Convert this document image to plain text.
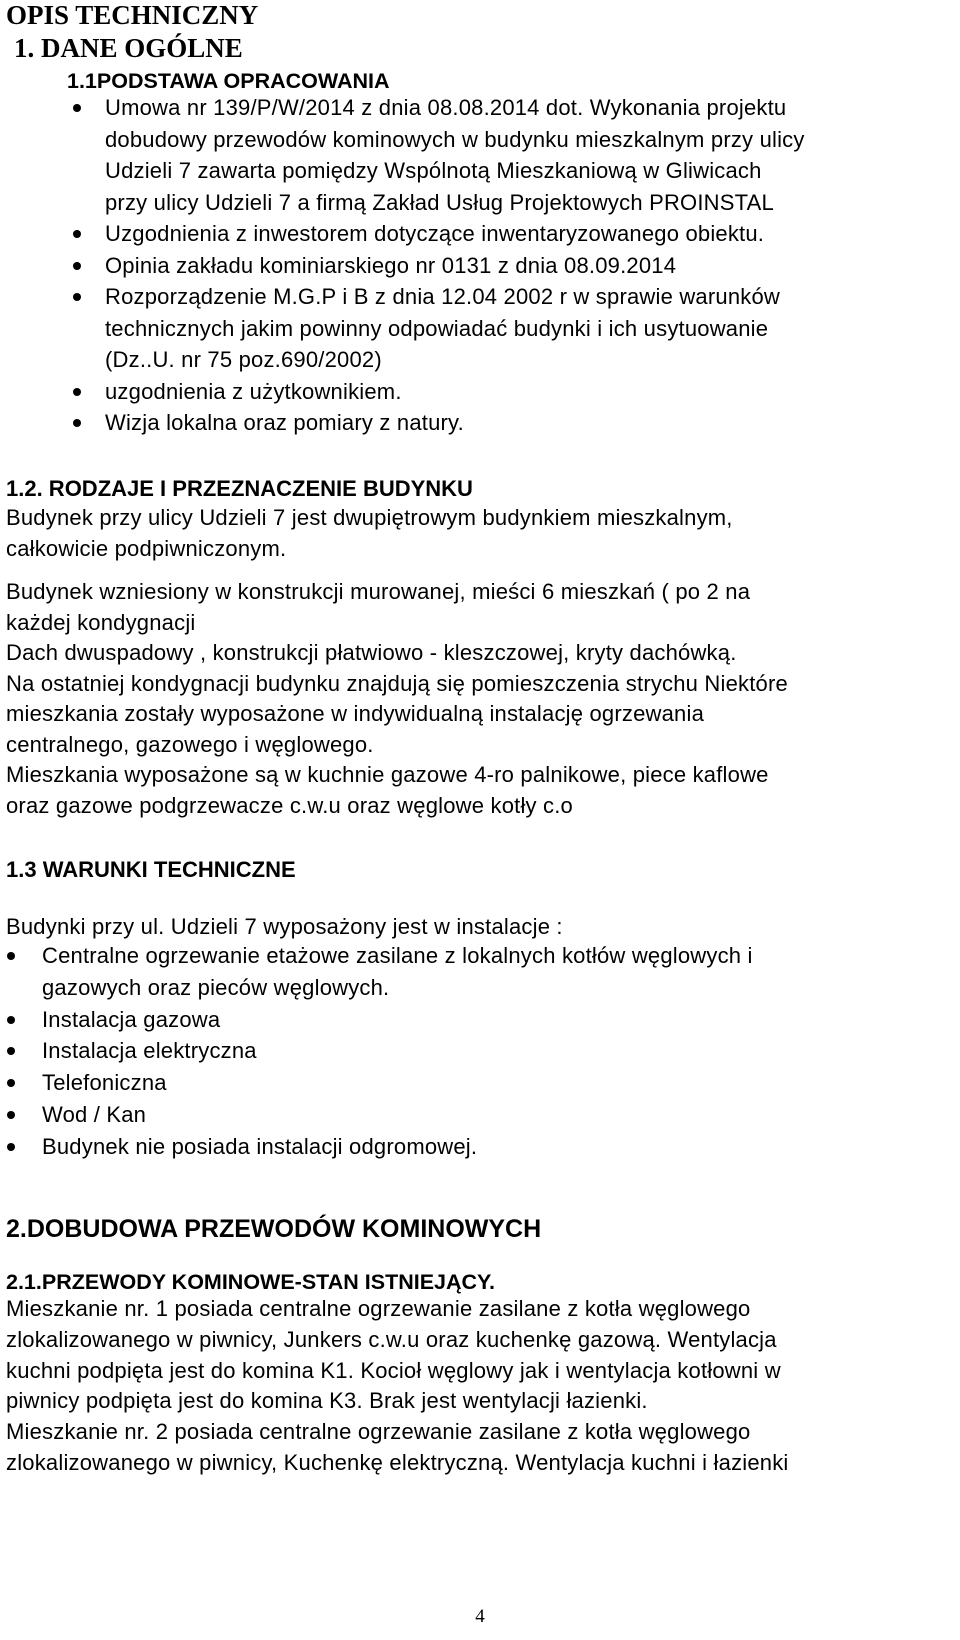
OPIS TECHNICZNY
1. DANE OGÓLNE
1.1PODSTAWA OPRACOWANIA
Umowa nr 139/P/W/2014 z dnia 08.08.2014 dot. Wykonania projektu
dobudowy przewodów kominowych w budynku mieszkalnym przy ulicy
Udzieli 7 zawarta pomiędzy Wspólnotą Mieszkaniową w Gliwicach
przy ulicy Udzieli 7 a firmą Zakład Usług Projektowych PROINSTAL
Uzgodnienia z inwestorem dotyczące inwentaryzowanego obiektu.
Opinia zakładu kominiarskiego nr 0131 z dnia 08.09.2014
Rozporządzenie M.G.P i B z dnia 12.04 2002 r w sprawie warunków
technicznych jakim powinny odpowiadać budynki i ich usytuowanie
(Dz..U. nr 75 poz.690/2002)
uzgodnienia z użytkownikiem.
Wizja lokalna oraz pomiary z natury.
1.2. RODZAJE I PRZEZNACZENIE BUDYNKU
Budynek przy ulicy Udzieli 7 jest dwupiętrowym budynkiem mieszkalnym,
całkowicie podpiwniczonym.
Budynek wzniesiony w konstrukcji murowanej, mieści 6 mieszkań ( po 2 na
każdej kondygnacji
Dach dwuspadowy , konstrukcji płatwiowo - kleszczowej, kryty dachówką.
Na ostatniej kondygnacji budynku znajdują się pomieszczenia strychu Niektóre
mieszkania zostały wyposażone w indywidualną instalację ogrzewania
centralnego, gazowego i węglowego.
Mieszkania wyposażone są w kuchnie gazowe 4-ro palnikowe, piece kaflowe
oraz gazowe podgrzewacze c.w.u oraz węglowe kotły c.o
1.3 WARUNKI TECHNICZNE
Budynki przy ul. Udzieli 7 wyposażony jest w instalacje :
Centralne ogrzewanie etażowe zasilane z lokalnych kotłów węglowych i
gazowych oraz pieców węglowych.
Instalacja gazowa
Instalacja elektryczna
Telefoniczna
Wod / Kan
Budynek nie posiada instalacji odgromowej.
2.DOBUDOWA PRZEWODÓW KOMINOWYCH
2.1.PRZEWODY KOMINOWE-STAN ISTNIEJĄCY.
Mieszkanie nr. 1 posiada centralne ogrzewanie zasilane z kotła węglowego
zlokalizowanego w piwnicy, Junkers c.w.u oraz kuchenkę gazową. Wentylacja
kuchni podpięta jest do komina K1. Kocioł węglowy jak i wentylacja kotłowni w
piwnicy podpięta jest do komina K3. Brak jest wentylacji łazienki.
Mieszkanie nr. 2 posiada centralne ogrzewanie zasilane z kotła węglowego
zlokalizowanego w piwnicy, Kuchenkę elektryczną. Wentylacja kuchni i łazienki
4
